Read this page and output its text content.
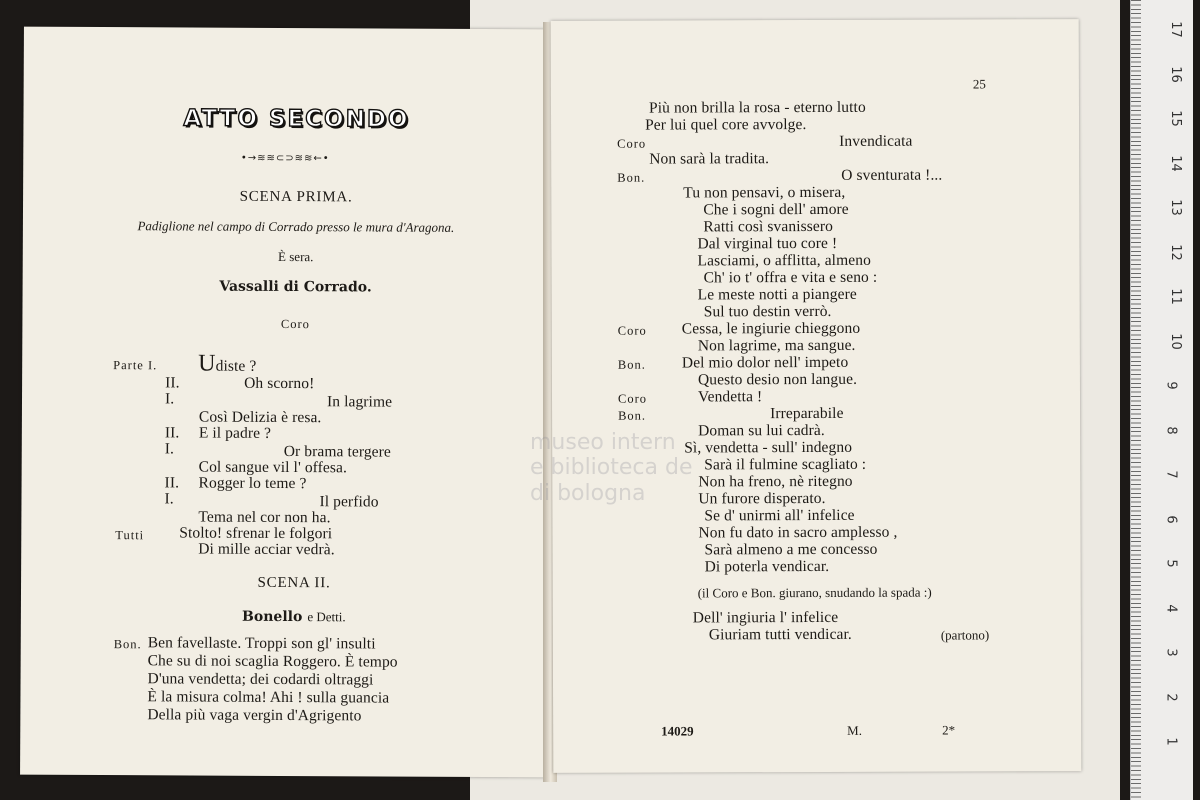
ATTO SECONDO
•→≋≋⊂⊃≋≋←•
SCENA PRIMA.
Padiglione nel campo di Corrado presso le mura d'Aragona.
È sera.
Vassalli di Corrado.
Coro
Parte I. Udiste ?
II.	Oh scorno!
I.	In lagrime
Così Delizia è resa.
II. E il padre ?
I.	Or brama tergere
Col sangue vil l' offesa.
II. Rogger lo teme ?
I.	Il perfido
Tema nel cor non ha.
Tutti Stolto! sfrenar le folgori
Di mille acciar vedrà.
SCENA II.
Bonello e Detti.
Bon. Ben favellaste. Troppi son gl' insulti
Che su di noi scaglia Roggero. È tempo
D'una vendetta; dei codardi oltraggi
È la misura colma! Ahi ! sulla guancia
Della più vaga vergin d'Agrigento
25
Più non brilla la rosa - eterno lutto
Per lui quel core avvolge.
Coro	Invendicata
Non sarà la tradita.
Bon.	O sventurata !...
Tu non pensavi, o misera,
Che i sogni dell' amore
Ratti così svanissero
Dal virginal tuo core !
Lasciami, o afflitta, almeno
Ch' io t' offra e vita e seno :
Le meste notti a piangere
Sul tuo destin verrò.
Coro Cessa, le ingiurie chieggono
Non lagrime, ma sangue.
Bon. Del mio dolor nell' impeto
Questo desio non langue.
Coro	Vendetta !
Bon.	Irreparabile
Doman su lui cadrà.
Sì, vendetta - sull' indegno
Sarà il fulmine scagliato :
Non ha freno, nè ritegno
Un furore disperato.
Se d' unirmi all' infelice
Non fu dato in sacro amplesso ,
Sarà almeno a me concesso
Di poterla vendicar.
(il Coro e Bon. giurano, snudando la spada :)
Dell' ingiuria l' infelice
Giuriam tutti vendicar.	(partono)
14029	M.	2*
museo intern
e biblioteca de
di bologna
17
16
15
14
13
12
11
10
9
8
7
6
5
4
3
2
1
